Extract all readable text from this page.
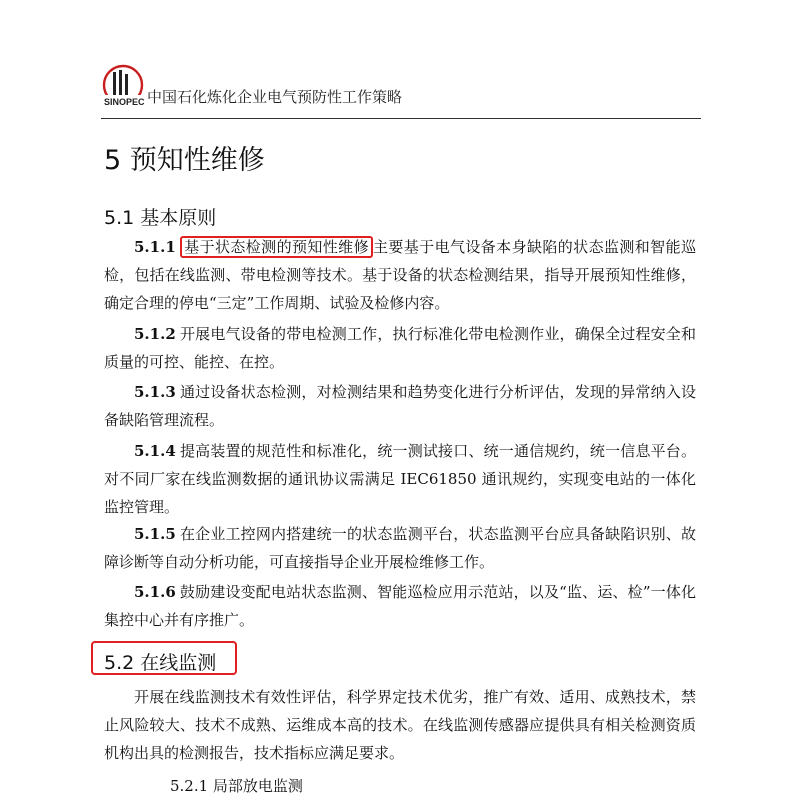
SINOPEC 中国石化炼化企业电气预防性工作策略
5 预知性维修
5.1 基本原则
5.1.1 基于状态检测的预知性维修 主要基于电气设备本身缺陷的状态监测和智能巡检，包括在线监测、带电检测等技术。基于设备的状态检测结果，指导开展预知性维修，确定合理的停电“三定”工作周期、试验及检修内容。
5.1.2 开展电气设备的带电检测工作，执行标准化带电检测作业，确保全过程安全和质量的可控、能控、在控。
5.1.3 通过设备状态检测，对检测结果和趋势变化进行分析评估，发现的异常纳入设备缺陷管理流程。
5.1.4 提高装置的规范性和标准化，统一测试接口、统一通信规约，统一信息平台。对不同厂家在线监测数据的通讯协议需满足 IEC61850 通讯规约，实现变电站的一体化监控管理。
5.1.5 在企业工控网内搭建统一的状态监测平台，状态监测平台应具备缺陷识别、故障诊断等自动分析功能，可直接指导企业开展检维修工作。
5.1.6 鼓励建设变配电站状态监测、智能巡检应用示范站，以及“监、运、检”一体化集控中心并有序推广。
5.2 在线监测
开展在线监测技术有效性评估，科学界定技术优劣，推广有效、适用、成熟技术，禁止风险较大、技术不成熟、运维成本高的技术。在线监测传感器应提供具有相关检测资质机构出具的检测报告，技术指标应满足要求。
5.2.1 局部放电监测
